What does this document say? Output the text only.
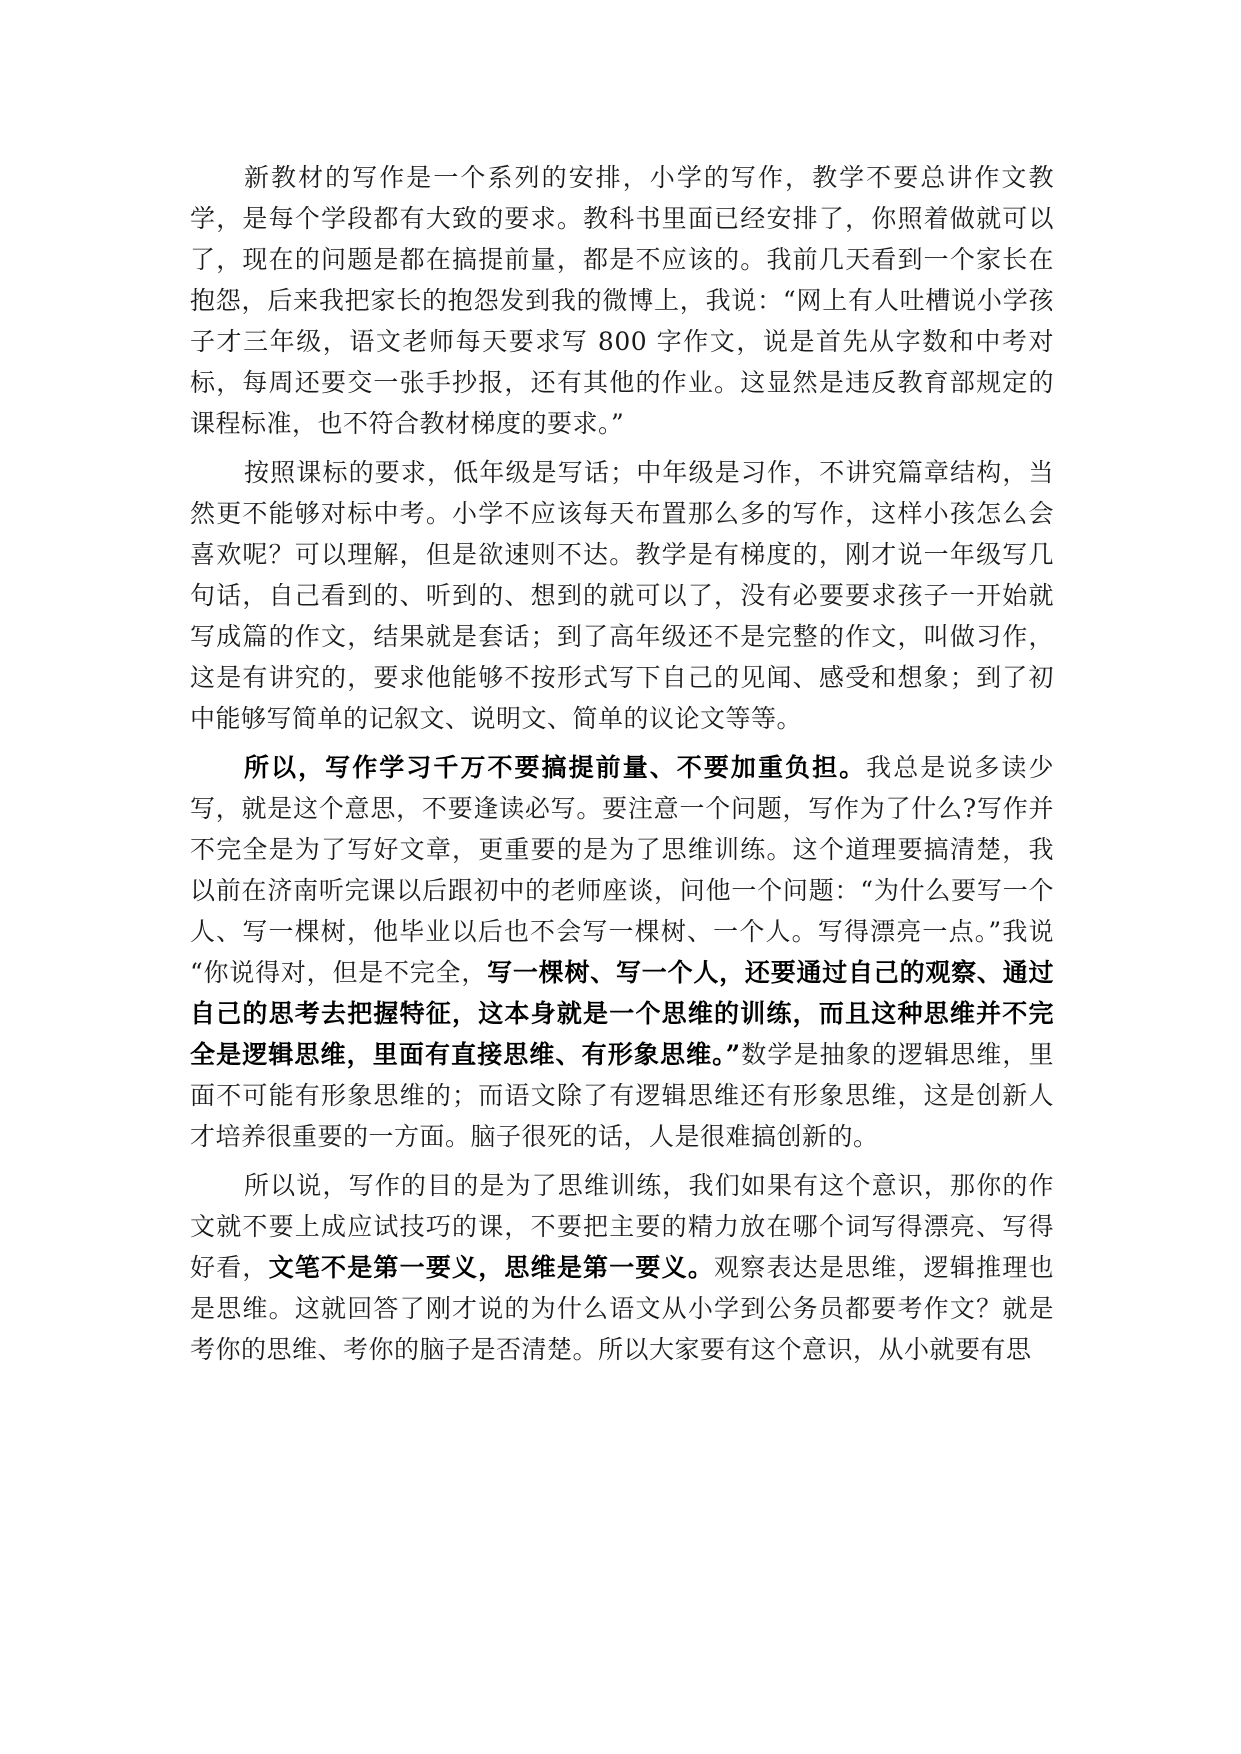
新教材的写作是一个系列的安排，小学的写作，教学不要总讲作文教学，是每个学段都有大致的要求。教科书里面已经安排了，你照着做就可以了，现在的问题是都在搞提前量，都是不应该的。我前几天看到一个家长在抱怨，后来我把家长的抱怨发到我的微博上，我说：“网上有人吐槽说小学孩子才三年级，语文老师每天要求写 800 字作文，说是首先从字数和中考对标，每周还要交一张手抄报，还有其他的作业。这显然是违反教育部规定的课程标准，也不符合教材梯度的要求。”

按照课标的要求，低年级是写话；中年级是习作，不讲究篇章结构，当然更不能够对标中考。小学不应该每天布置那么多的写作，这样小孩怎么会喜欢呢？可以理解，但是欲速则不达。教学是有梯度的，刚才说一年级写几句话，自己看到的、听到的、想到的就可以了，没有必要要求孩子一开始就写成篇的作文，结果就是套话；到了高年级还不是完整的作文，叫做习作，这是有讲究的，要求他能够不按形式写下自己的见闻、感受和想象；到了初中能够写简单的记叙文、说明文、简单的议论文等等。

所以，写作学习千万不要搞提前量、不要加重负担。我总是说多读少写，就是这个意思，不要逢读必写。要注意一个问题，写作为了什么?写作并不完全是为了写好文章，更重要的是为了思维训练。这个道理要搞清楚，我以前在济南听完课以后跟初中的老师座谈，问他一个问题：“为什么要写一个人、写一棵树，他毕业以后也不会写一棵树、一个人。写得漂亮一点。”我说 “你说得对，但是不完全，写一棵树、写一个人，还要通过自己的观察、通过自己的思考去把握特征，这本身就是一个思维的训练，而且这种思维并不完全是逻辑思维，里面有直接思维、有形象思维。”数学是抽象的逻辑思维，里面不可能有形象思维的；而语文除了有逻辑思维还有形象思维，这是创新人才培养很重要的一方面。脑子很死的话，人是很难搞创新的。

所以说，写作的目的是为了思维训练，我们如果有这个意识，那你的作文就不要上成应试技巧的课，不要把主要的精力放在哪个词写得漂亮、写得好看，文笔不是第一要义，思维是第一要义。观察表达是思维，逻辑推理也是思维。这就回答了刚才说的为什么语文从小学到公务员都要考作文？就是考你的思维、考你的脑子是否清楚。所以大家要有这个意识，从小就要有思
